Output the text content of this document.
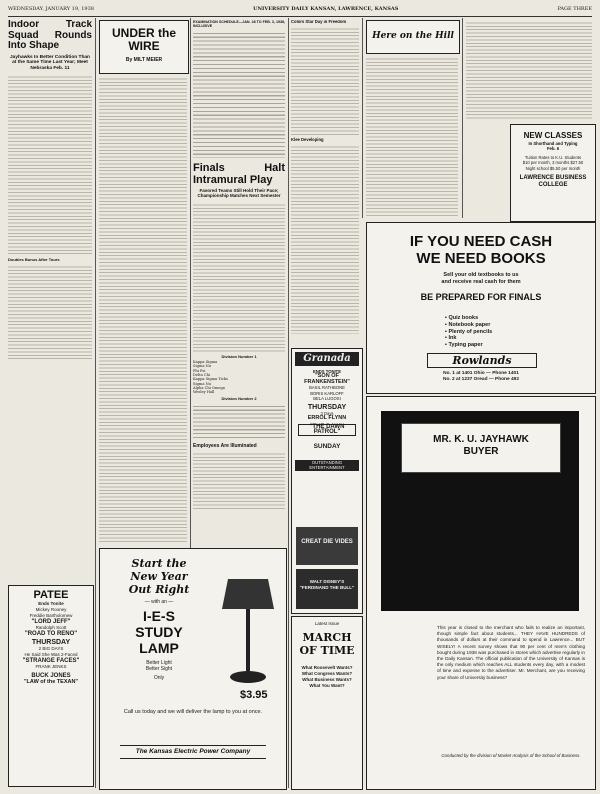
WEDNESDAY, JANUARY 19, 1938	UNIVERSITY DAILY KANSAN, LAWRENCE, KANSAS	PAGE THREE
Indoor Track Squad Rounds Into Shape
Jayhawks In Better Condition Than at the Same Time Last Year; Meet Nebraska Feb. 11
Doubles Bonus After Tours
PATEE
Ends Tonite
Mickey Rooney
Freddie Bartholomew
"LORD JEFF"
Randolph Scott
"ROAD TO RENO"
THURSDAY
2 BIG DAYS
He Said She Was 2-Faced
"STRANGE FACES"
FRANK JENKS
BUCK JONES
"LAW of the TEXAN"
UNDER the WIRE
By MILT MEIER
Start the
New Year
Out Right
— with an —
I-E-S
STUDY
LAMP
Better Light
Better Sight
Only
$3.95
Call us today and we will deliver the lamp to you at once.
The Kansas Electric Power Company
EXAMINATION SCHEDULE—JAN. 28 TO FEB. 3, 1938, INCLUSIVE
Finals Halt Intramural Play
Favored Teams Still Hold Their Pace; Championship Matches Next Semester
Division Number 1
Kappa Sigma
Sigma Nu
Phi Psi
Delta Chi
Kappa Sigma Ticks
Sigma Nu
Alpha Chi Omega
Wesley Hall
Division Number 2
Employees Are Illuminated
Colors Star Day in Freedom
Klee Developing
Granada
ENDS TONITE
"SON OF FRANKENSTEIN"
BASIL RATHBONE
BORIS KARLOFF
BELA LUGOSI
THURSDAY
3 Days
ERROL FLYNN
"THE DAWN PATROL"
SUNDAY
OUTSTANDING ENTERTAINMENT
CREAT DIE VIDES
WALT DISNEY'S "FERDINAND THE BULL"
Latest Issue
MARCH OF TIME
What Roosevelt Wants?
What Congress Wants?
What Business Wants?
What You Want?
Here on the Hill
NEW CLASSES
In Shorthand and Typing
Feb. 6
Tuition Rates to K.U. Students
$10 per month, 3 months $27.50
Night school $5.50 per month
LAWRENCE BUSINESS COLLEGE
IF YOU NEED CASH
WE NEED BOOKS
Sell your old textbooks to us
and receive real cash for them
BE PREPARED FOR FINALS
▪ Quiz books
▪ Notebook paper
▪ Plenty of pencils
▪ Ink
▪ Typing paper
Rowlands
No. 1 at 1401 Ohio — Phone 1401
No. 2 at 1237 Oread — Phone 492
MR. K. U. JAYHAWK
BUYER
This year is closed to the merchant who fails to realize an important, though simple fact about students... THEY HAVE HUNDREDS of thousands of dollars at their command to spend in Lawrence... BUT WISELY! A recent survey shows that 90 per cent of men's clothing bought during 1938 was purchased in stores which advertise regularly in the Daily Kansan. The official publication of the University of Kansas is the only medium which reaches ALL students every day, with a modest of time and expense to the advertiser. Mr. Merchant, are you receiving your share of University business?
Conducted by the division of Market Analysis of the School of Business.
